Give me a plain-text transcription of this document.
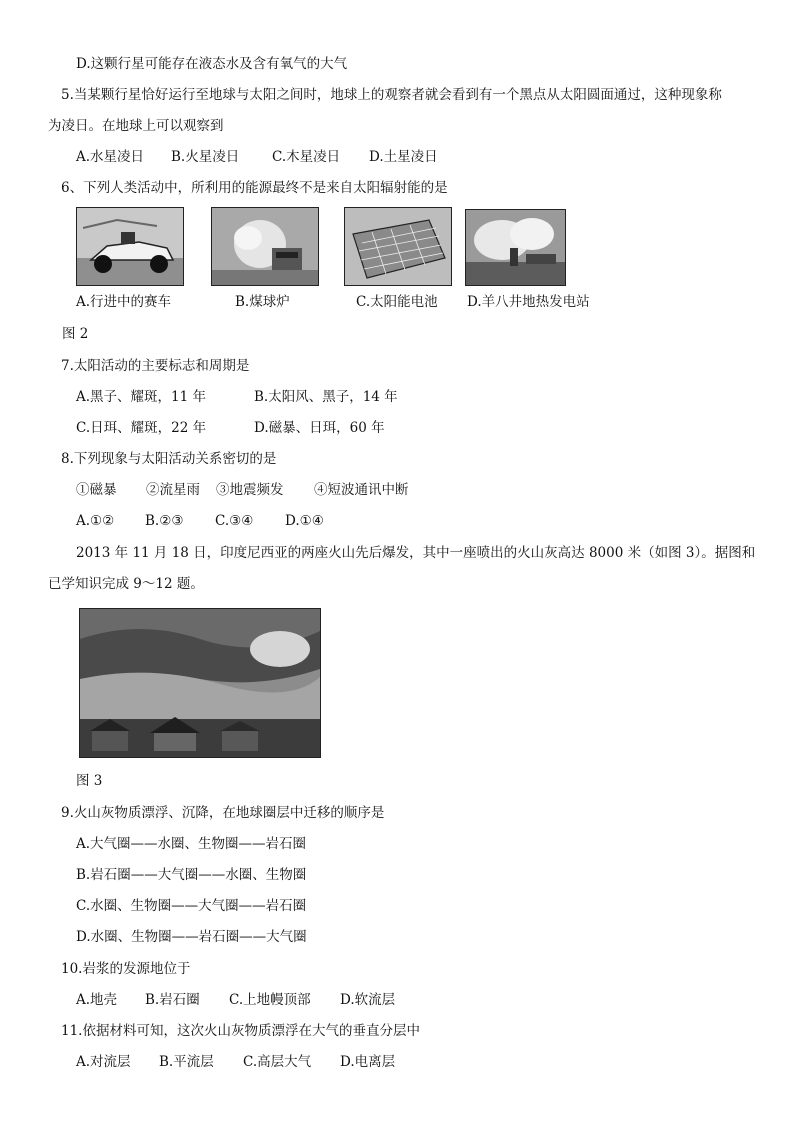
D.这颗行星可能存在液态水及含有氧气的大气
5.当某颗行星恰好运行至地球与太阳之间时，地球上的观察者就会看到有一个黑点从太阳圆面通过，这种现象称
为凌日。在地球上可以观察到
A.水星凌日 B.火星凌日 C.木星凌日 D.土星凌日
6、下列人类活动中，所利用的能源最终不是来自太阳辐射能的是
A.行进中的赛车	B.煤球炉	C.太阳能电池 D.羊八井地热发电站
图 2
7.太阳活动的主要标志和周期是
A.黑子、耀斑，11 年	B.太阳风、黑子，14 年
C.日珥、耀斑，22 年	D.磁暴、日珥，60 年
8.下列现象与太阳活动关系密切的是
①磁暴 ②流星雨 ③地震频发 ④短波通讯中断
A.①② B.②③ C.③④ D.①④
2013 年 11 月 18 日，印度尼西亚的两座火山先后爆发，其中一座喷出的火山灰高达 8000 米（如图 3）。据图和
已学知识完成 9～12 题。
图 3
9.火山灰物质漂浮、沉降，在地球圈层中迁移的顺序是
A.大气圈——水圈、生物圈——岩石圈
B.岩石圈——大气圈——水圈、生物圈
C.水圈、生物圈——大气圈——岩石圈
D.水圈、生物圈——岩石圈——大气圈
10.岩浆的发源地位于
A.地壳 B.岩石圈 C.上地幔顶部 D.软流层
11.依据材料可知，这次火山灰物质漂浮在大气的垂直分层中
A.对流层 B.平流层 C.高层大气 D.电离层
